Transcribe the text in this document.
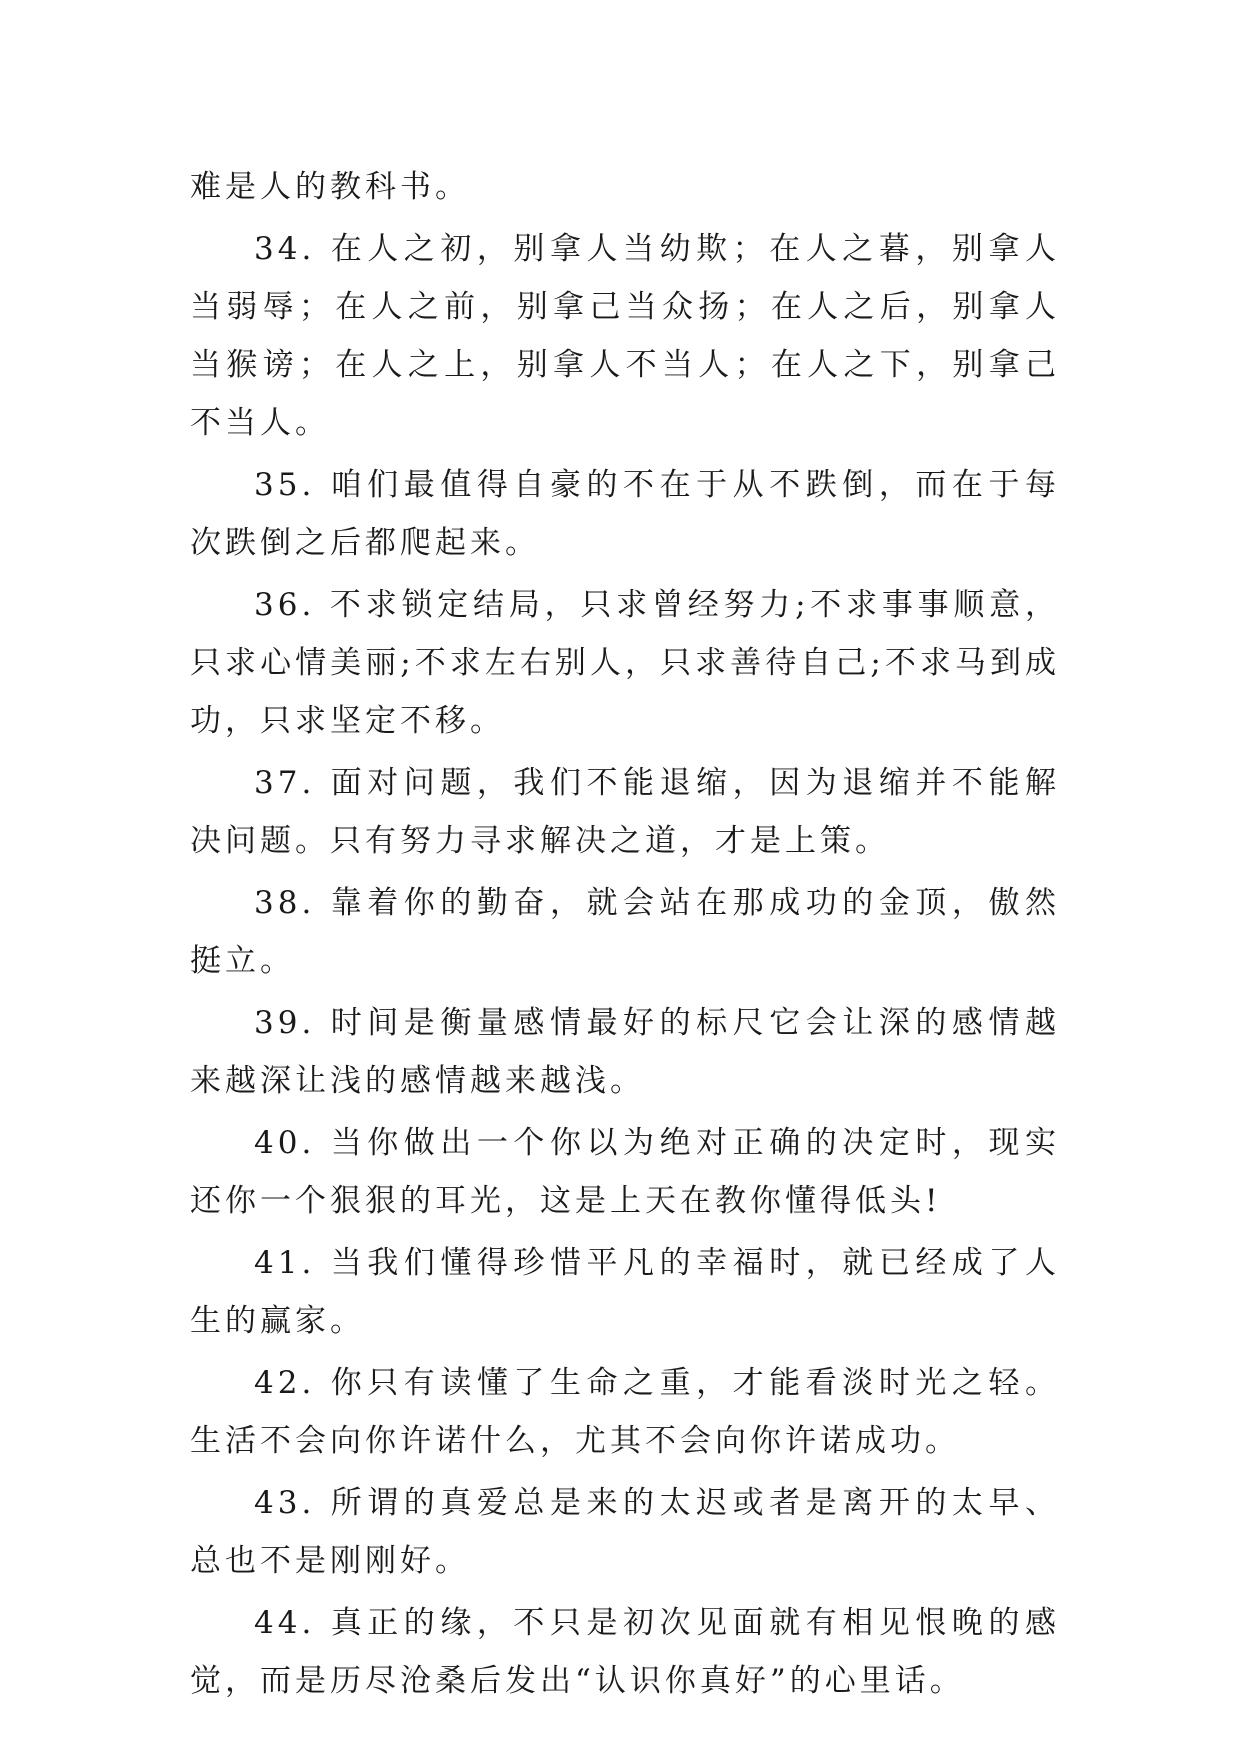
难是人的教科书。

34. 在人之初，别拿人当幼欺；在人之暮，别拿人当弱辱；在人之前，别拿己当众扬；在人之后，别拿人当猴谤；在人之上，别拿人不当人；在人之下，别拿己不当人。

35. 咱们最值得自豪的不在于从不跌倒，而在于每次跌倒之后都爬起来。

36. 不求锁定结局，只求曾经努力;不求事事顺意，只求心情美丽;不求左右别人，只求善待自己;不求马到成功，只求坚定不移。

37. 面对问题，我们不能退缩，因为退缩并不能解决问题。只有努力寻求解决之道，才是上策。

38. 靠着你的勤奋，就会站在那成功的金顶，傲然挺立。

39. 时间是衡量感情最好的标尺它会让深的感情越来越深让浅的感情越来越浅。

40. 当你做出一个你以为绝对正确的决定时，现实还你一个狠狠的耳光，这是上天在教你懂得低头!

41. 当我们懂得珍惜平凡的幸福时，就已经成了人生的赢家。

42. 你只有读懂了生命之重，才能看淡时光之轻。生活不会向你许诺什么，尤其不会向你许诺成功。

43. 所谓的真爱总是来的太迟或者是离开的太早、总也不是刚刚好。

44. 真正的缘，不只是初次见面就有相见恨晚的感觉，而是历尽沧桑后发出“认识你真好”的心里话。
